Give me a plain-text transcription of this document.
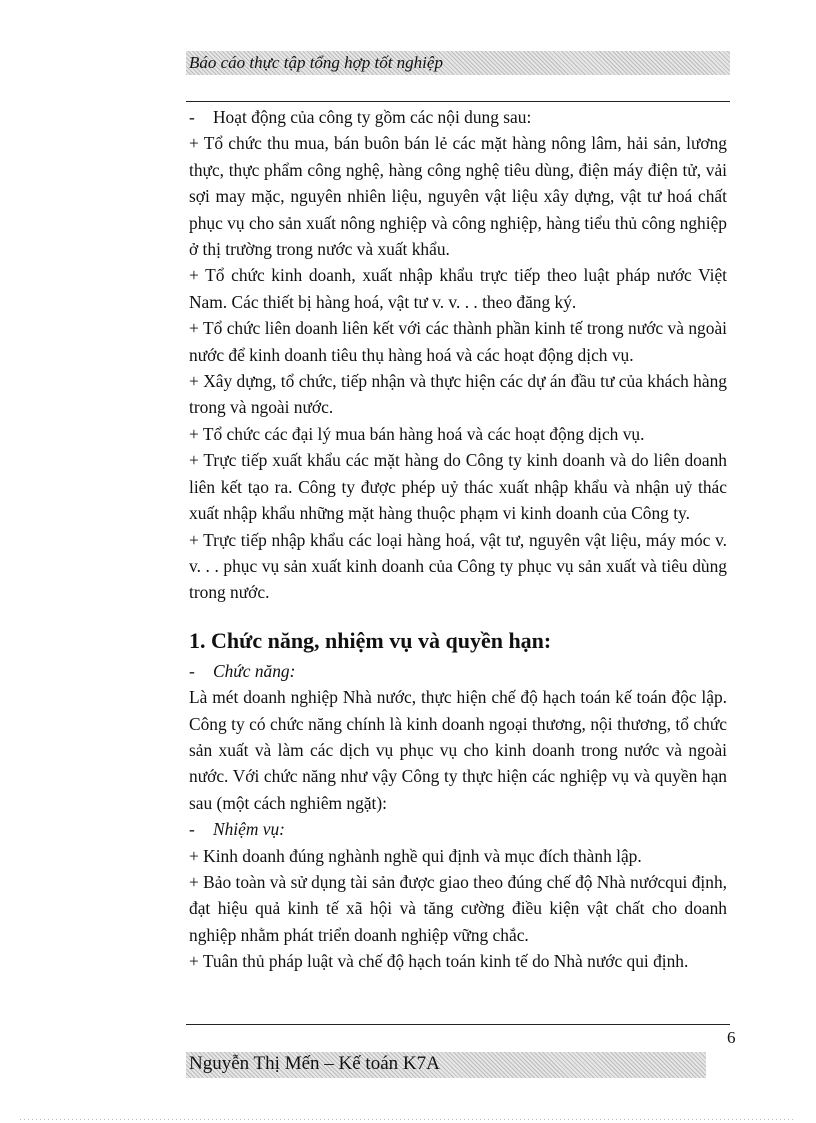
Báo cáo thực tập tổng hợp tốt nghiệp

- Hoạt động của công ty gồm các nội dung sau:

+ Tổ chức thu mua, bán buôn bán lẻ các mặt hàng nông lâm, hải sản, lương thực, thực phẩm công nghệ, hàng công nghệ tiêu dùng, điện máy điện tử, vải sợi may mặc, nguyên nhiên liệu, nguyên vật liệu xây dựng, vật tư hoá chất phục vụ cho sản xuất nông nghiệp và công nghiệp, hàng tiểu thủ công nghiệp ở thị trường trong nước và xuất khẩu.

+ Tổ chức kinh doanh, xuất nhập khẩu trực tiếp theo luật pháp nước Việt Nam. Các thiết bị hàng hoá, vật tư v. v. . . theo đăng ký.

+ Tổ chức liên doanh liên kết với các thành phần kinh tế trong nước và ngoài nước để kinh doanh tiêu thụ hàng hoá và các hoạt động dịch vụ.

+ Xây dựng, tổ chức, tiếp nhận và thực hiện các dự án đầu tư của khách hàng trong và ngoài nước.

+ Tổ chức các đại lý mua bán hàng hoá và các hoạt động dịch vụ.

+ Trực tiếp xuất khẩu các mặt hàng do Công ty kinh doanh và do liên doanh liên kết tạo ra. Công ty được phép uỷ thác xuất nhập khẩu và nhận uỷ thác xuất nhập khẩu những mặt hàng thuộc phạm vi kinh doanh của Công ty.

+ Trực tiếp nhập khẩu các loại hàng hoá, vật tư, nguyên vật liệu, máy móc v. v. . . phục vụ sản xuất kinh doanh của Công ty phục vụ sản xuất và tiêu dùng trong nước.

1. Chức năng, nhiệm vụ và quyền hạn:

- Chức năng:

Là mét doanh nghiệp Nhà nước, thực hiện chế độ hạch toán kế toán độc lập. Công ty có chức năng chính là kinh doanh ngoại thương, nội thương, tổ chức sản xuất và làm các dịch vụ phục vụ cho kinh doanh trong nước và ngoài nước. Với chức năng như vậy Công ty thực hiện các nghiệp vụ và quyền hạn sau (một cách nghiêm ngặt):

- Nhiệm vụ:

+ Kinh doanh đúng nghành nghề qui định và mục đích thành lập.

+ Bảo toàn và sử dụng tài sản được giao theo đúng chế độ Nhà nướcqui định, đạt hiệu quả kinh tế xã hội và tăng cường điều kiện vật chất cho doanh nghiệp nhằm phát triển doanh nghiệp vững chắc.

+ Tuân thủ pháp luật và chế độ hạch toán kinh tế do Nhà nước qui định.

6
Nguyễn Thị Mến – Kế toán K7A
